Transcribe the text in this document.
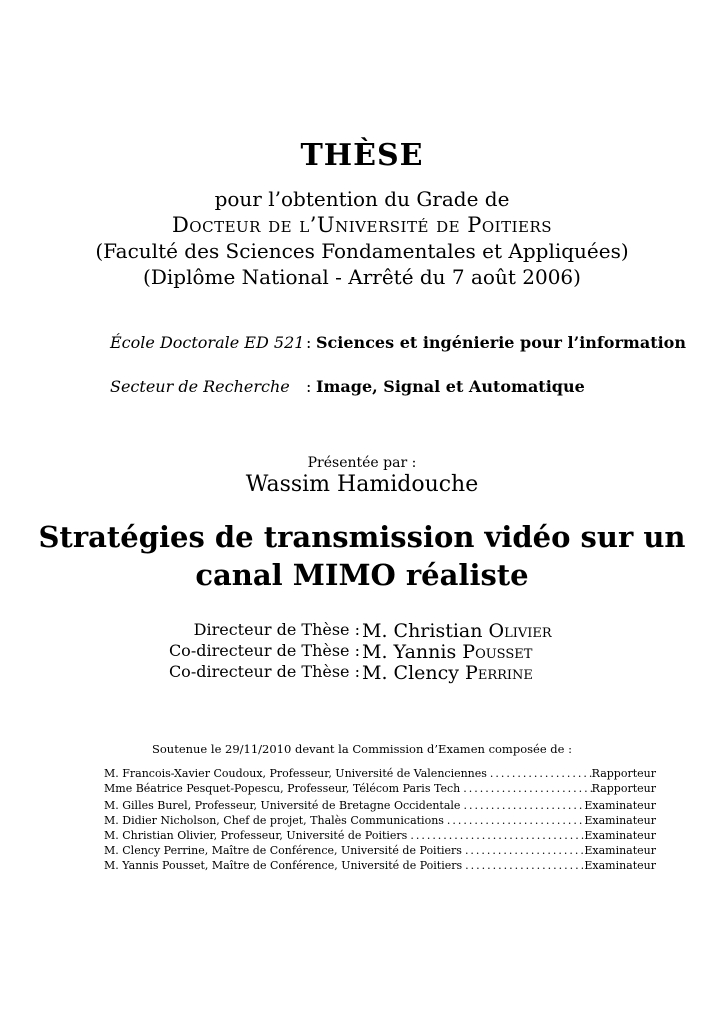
THÈSE
pour l’obtention du Grade de
Docteur de l’Université de Poitiers
(Faculté des Sciences Fondamentales et Appliquées)
(Diplôme National - Arrêté du 7 août 2006)
École Doctorale ED 521 : Sciences et ingénierie pour l’information
Secteur de Recherche : Image, Signal et Automatique
Présentée par :
Wassim Hamidouche
Stratégies de transmission vidéo sur un canal MIMO réaliste
Directeur de Thèse : M. Christian Olivier
Co-directeur de Thèse : M. Yannis Pousset
Co-directeur de Thèse : M. Clency Perrine
Soutenue le 29/11/2010 devant la Commission d’Examen composée de :
M. Francois-Xavier Coudoux, Professeur, Université de Valenciennes .....	Rapporteur
Mme Béatrice Pesquet-Popescu, Professeur, Télécom Paris Tech .....	Rapporteur
M. Gilles Burel, Professeur, Université de Bretagne Occidentale .....	Examinateur
M. Didier Nicholson, Chef de projet, Thalès Communications .....	Examinateur
M. Christian Olivier, Professeur, Université de Poitiers .....	Examinateur
M. Clency Perrine, Maître de Conférence, Université de Poitiers .....	Examinateur
M. Yannis Pousset, Maître de Conférence, Université de Poitiers .....	Examinateur
